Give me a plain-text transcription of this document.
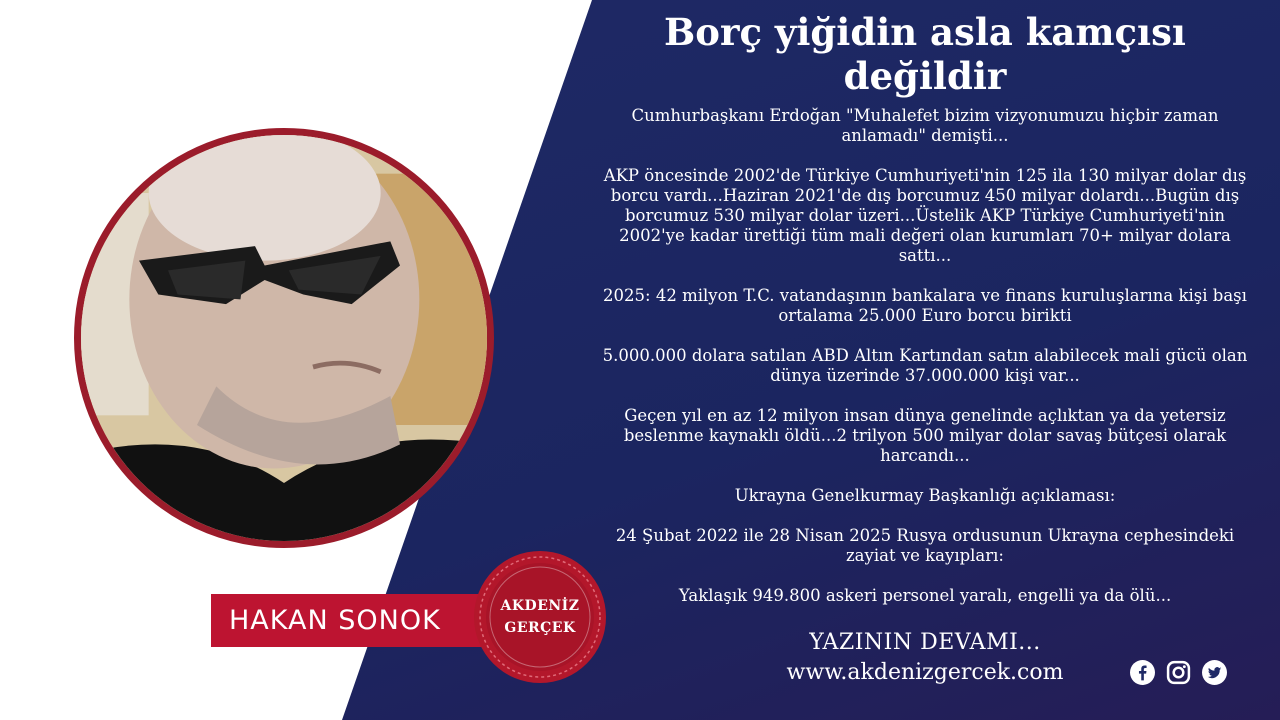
HAKAN SONOK	AKDENİZ
GERÇEK
Borç yiğidin asla kamçısı değildir

Cumhurbaşkanı Erdoğan "Muhalefet bizim vizyonumuzu hiçbir zaman anlamadı" demişti...

AKP öncesinde 2002'de Türkiye Cumhuriyeti'nin 125 ila 130 milyar dolar dış borcu vardı...Haziran 2021'de dış borcumuz 450 milyar dolardı...Bugün dış borcumuz 530 milyar dolar üzeri...Üstelik AKP Türkiye Cumhuriyeti'nin 2002'ye kadar ürettiği tüm mali değeri olan kurumları 70+ milyar dolara sattı...

2025: 42 milyon T.C. vatandaşının bankalara ve finans kuruluşlarına kişi başı ortalama 25.000 Euro borcu birikti

5.000.000 dolara satılan ABD Altın Kartından satın alabilecek mali gücü olan dünya üzerinde 37.000.000 kişi var...

Geçen yıl en az 12 milyon insan dünya genelinde açlıktan ya da yetersiz beslenme kaynaklı öldü...2 trilyon 500 milyar dolar savaş bütçesi olarak harcandı...

Ukrayna Genelkurmay Başkanlığı açıklaması:

24 Şubat 2022 ile 28 Nisan 2025 Rusya ordusunun Ukrayna cephesindeki zayiat ve kayıpları:

Yaklaşık 949.800 askeri personel yaralı, engelli ya da ölü...

YAZININ DEVAMI...

www.akdenizgercek.com
